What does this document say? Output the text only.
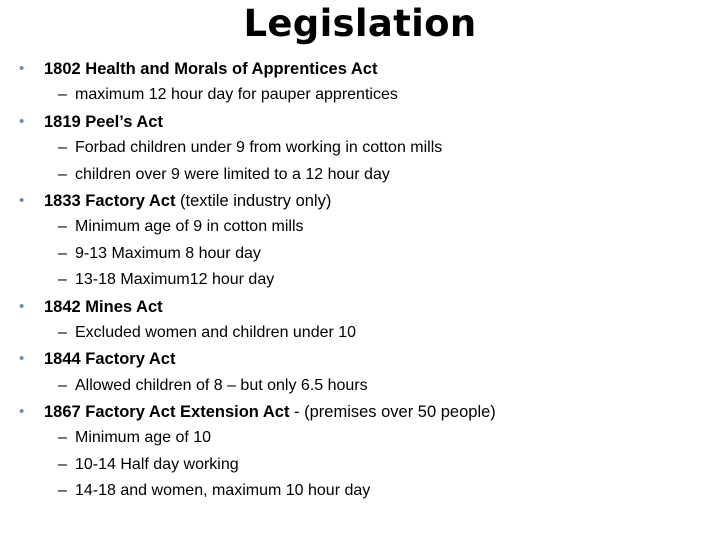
Legislation
• 1802 Health and Morals of Apprentices Act
– maximum 12 hour day for pauper apprentices
• 1819 Peel’s Act
– Forbad children under 9 from working in cotton mills
– children over 9 were limited to a 12 hour day
• 1833 Factory Act (textile industry only)
– Minimum age of 9 in cotton mills
– 9-13 Maximum 8 hour day
– 13-18 Maximum12 hour day
• 1842 Mines Act
– Excluded women and children under 10
• 1844 Factory Act
– Allowed children of 8 – but only 6.5 hours
• 1867 Factory Act Extension Act - (premises over 50 people)
– Minimum age of 10
– 10-14 Half day working
– 14-18 and women, maximum 10 hour day
